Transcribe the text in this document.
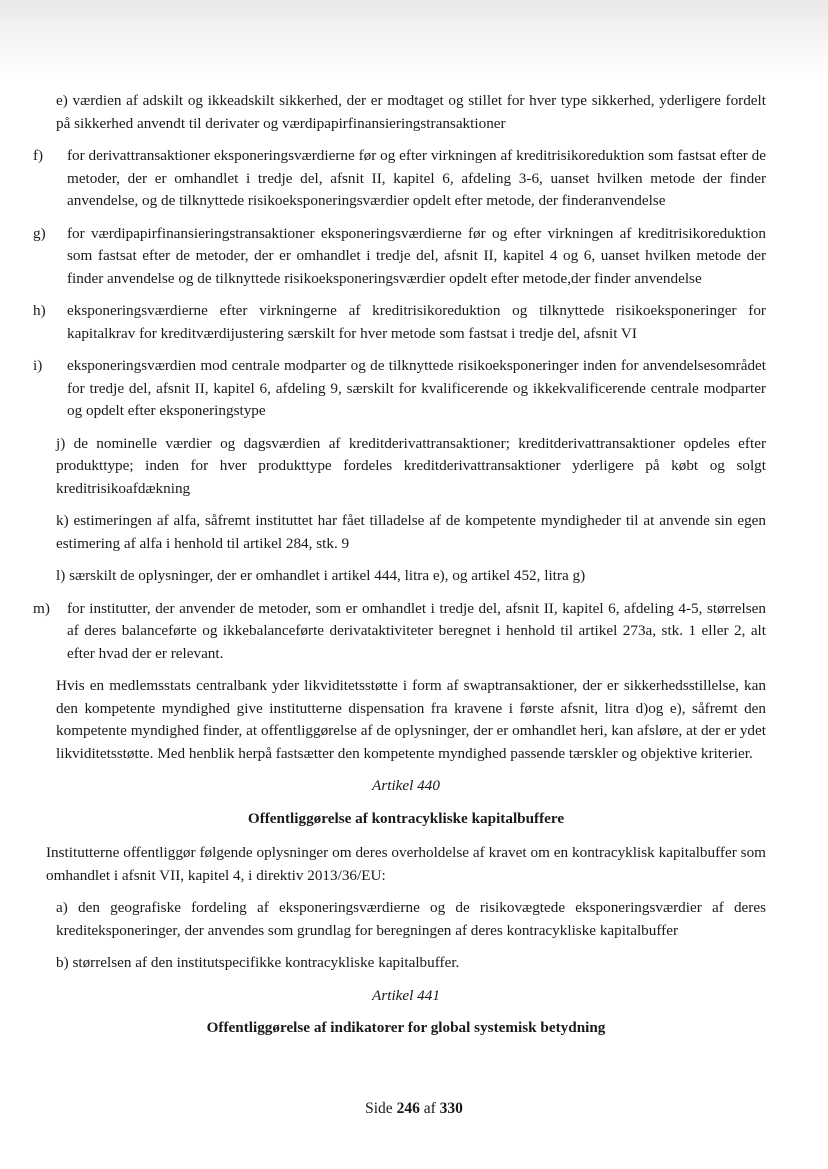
e) værdien af adskilt og ikkeadskilt sikkerhed, der er modtaget og stillet for hver type sikkerhed, yderligere fordelt på sikkerhed anvendt til derivater og værdipapirfinansieringstransaktioner

f)	for derivattransaktioner eksponeringsværdierne før og efter virkningen af kreditrisikoreduktion som fastsat efter de metoder, der er omhandlet i tredje del, afsnit II, kapitel 6, afdeling 3-6, uanset hvilken metode der finder anvendelse, og de tilknyttede risikoeksponeringsværdier opdelt efter metode, der finderanvendelse
g)	for værdipapirfinansieringstransaktioner eksponeringsværdierne før og efter virkningen af kreditrisikoreduktion som fastsat efter de metoder, der er omhandlet i tredje del, afsnit II, kapitel 4 og 6, uanset hvilken metode der finder anvendelse og de tilknyttede risikoeksponeringsværdier opdelt efter metode,der finder anvendelse
h)	eksponeringsværdierne efter virkningerne af kreditrisikoreduktion og tilknyttede risikoeksponeringer for kapitalkrav for kreditværdijustering særskilt for hver metode som fastsat i tredje del, afsnit VI
i)	eksponeringsværdien mod centrale modparter og de tilknyttede risikoeksponeringer inden for anvendelsesområdet for tredje del, afsnit II, kapitel 6, afdeling 9, særskilt for kvalificerende og ikkekvalificerende centrale modparter og opdelt efter eksponeringstype

j) de nominelle værdier og dagsværdien af kreditderivattransaktioner; kreditderivattransaktioner opdeles efter produkttype; inden for hver produkttype fordeles kreditderivattransaktioner yderligere på købt og solgt kreditrisikoafdækning

k) estimeringen af alfa, såfremt instituttet har fået tilladelse af de kompetente myndigheder til at anvende sin egen estimering af alfa i henhold til artikel 284, stk. 9

l) særskilt de oplysninger, der er omhandlet i artikel 444, litra e), og artikel 452, litra g)

m)	for institutter, der anvender de metoder, som er omhandlet i tredje del, afsnit II, kapitel 6, afdeling 4-5, størrelsen af deres balanceførte og ikkebalanceførte derivataktiviteter beregnet i henhold til artikel 273a, stk. 1 eller 2, alt efter hvad der er relevant.

Hvis en medlemsstats centralbank yder likviditetsstøtte i form af swaptransaktioner, der er sikkerhedsstillelse, kan den kompetente myndighed give institutterne dispensation fra kravene i første afsnit, litra d)og e), såfremt den kompetente myndighed finder, at offentliggørelse af de oplysninger, der er omhandlet heri, kan afsløre, at der er ydet likviditetsstøtte. Med henblik herpå fastsætter den kompetente myndighed passende tærskler og objektive kriterier.

Artikel 440
Offentliggørelse af kontracykliske kapitalbuffere

Institutterne offentliggør følgende oplysninger om deres overholdelse af kravet om en kontracyklisk kapitalbuffer som omhandlet i afsnit VII, kapitel 4, i direktiv 2013/36/EU:

a) den geografiske fordeling af eksponeringsværdierne og de risikovægtede eksponeringsværdier af deres krediteksponeringer, der anvendes som grundlag for beregningen af deres kontracykliske kapitalbuffer

b) størrelsen af den institutspecifikke kontracykliske kapitalbuffer.

Artikel 441
Offentliggørelse af indikatorer for global systemisk betydning
Side 246 af 330
